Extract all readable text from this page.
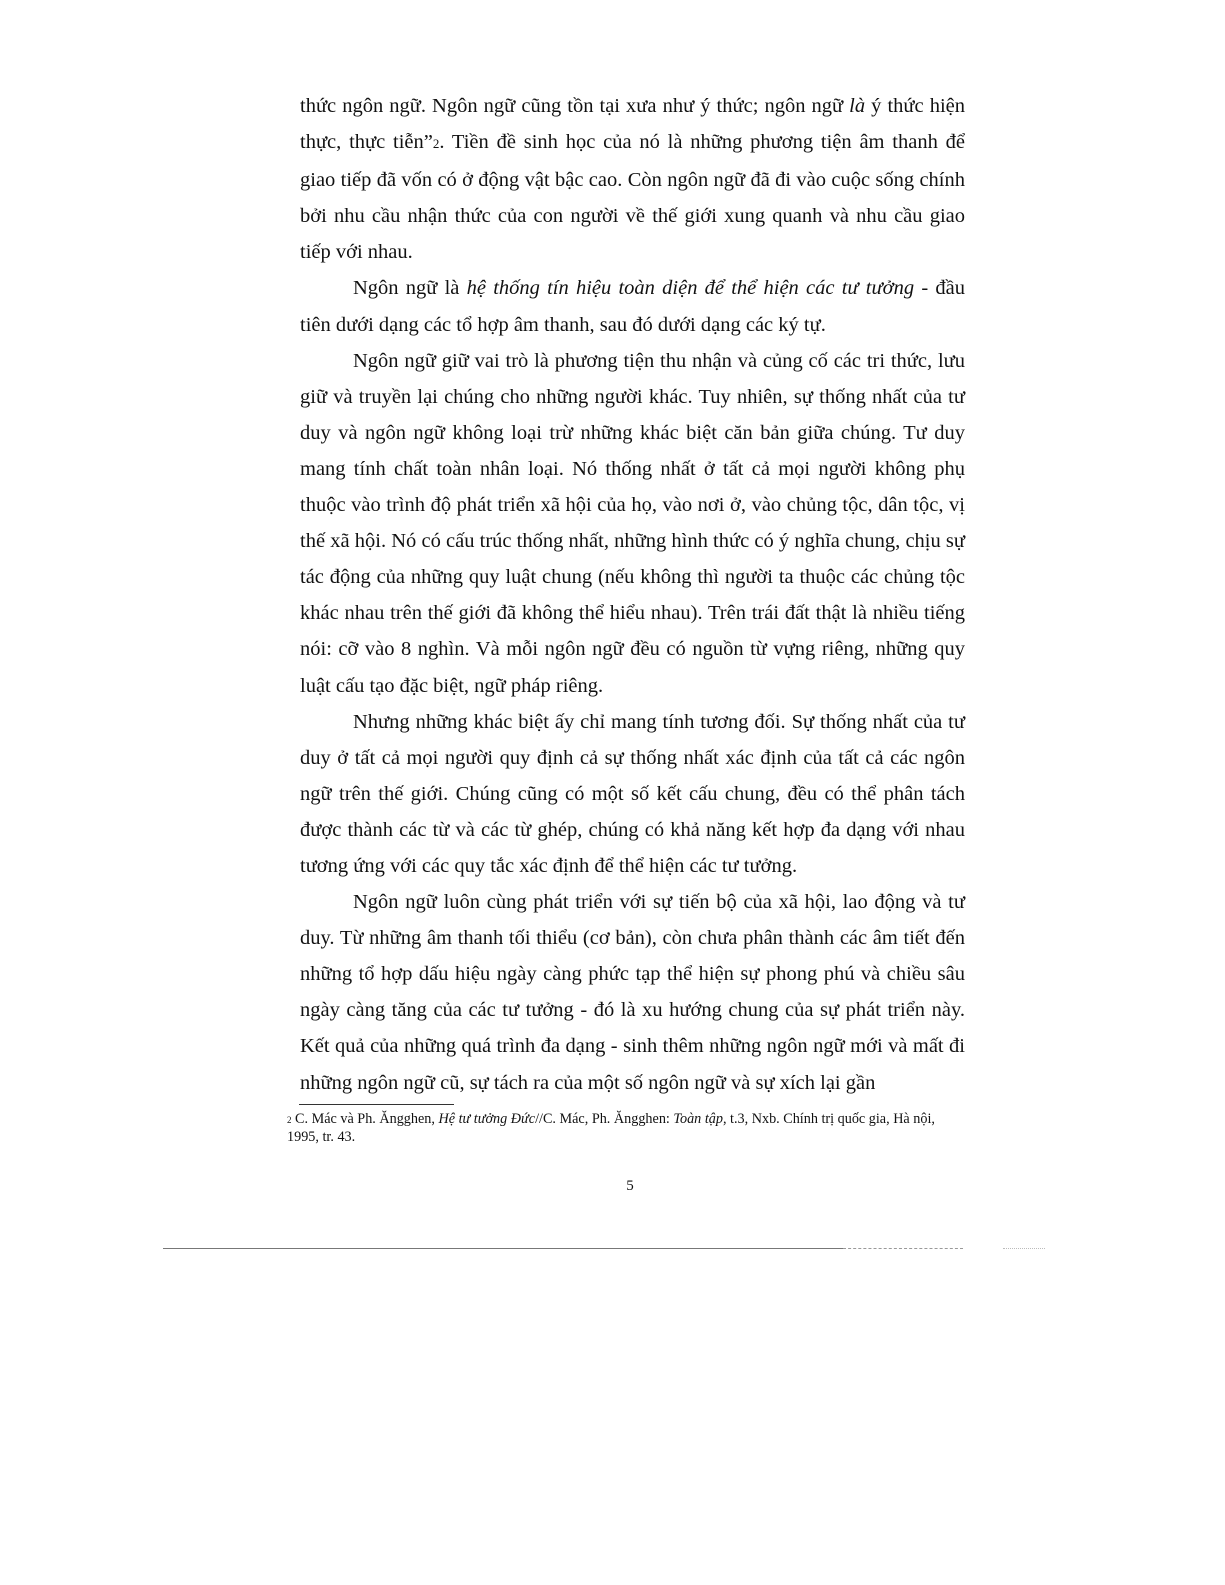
thức ngôn ngữ. Ngôn ngữ cũng tồn tại xưa như ý thức; ngôn ngữ là ý thức hiện thực, thực tiễn”2. Tiền đề sinh học của nó là những phương tiện âm thanh để giao tiếp đã vốn có ở động vật bậc cao. Còn ngôn ngữ đã đi vào cuộc sống chính bởi nhu cầu nhận thức của con người về thế giới xung quanh và nhu cầu giao tiếp với nhau.

Ngôn ngữ là hệ thống tín hiệu toàn diện để thể hiện các tư tưởng - đầu tiên dưới dạng các tổ hợp âm thanh, sau đó dưới dạng các ký tự.

Ngôn ngữ giữ vai trò là phương tiện thu nhận và củng cố các tri thức, lưu giữ và truyền lại chúng cho những người khác. Tuy nhiên, sự thống nhất của tư duy và ngôn ngữ không loại trừ những khác biệt căn bản giữa chúng. Tư duy mang tính chất toàn nhân loại. Nó thống nhất ở tất cả mọi người không phụ thuộc vào trình độ phát triển xã hội của họ, vào nơi ở, vào chủng tộc, dân tộc, vị thế xã hội. Nó có cấu trúc thống nhất, những hình thức có ý nghĩa chung, chịu sự tác động của những quy luật chung (nếu không thì người ta thuộc các chủng tộc khác nhau trên thế giới đã không thể hiểu nhau). Trên trái đất thật là nhiều tiếng nói: cỡ vào 8 nghìn. Và mỗi ngôn ngữ đều có nguồn từ vựng riêng, những quy luật cấu tạo đặc biệt, ngữ pháp riêng.

Nhưng những khác biệt ấy chỉ mang tính tương đối. Sự thống nhất của tư duy ở tất cả mọi người quy định cả sự thống nhất xác định của tất cả các ngôn ngữ trên thế giới. Chúng cũng có một số kết cấu chung, đều có thể phân tách được thành các từ và các từ ghép, chúng có khả năng kết hợp đa dạng với nhau tương ứng với các quy tắc xác định để thể hiện các tư tưởng.

Ngôn ngữ luôn cùng phát triển với sự tiến bộ của xã hội, lao động và tư duy. Từ những âm thanh tối thiểu (cơ bản), còn chưa phân thành các âm tiết đến những tổ hợp dấu hiệu ngày càng phức tạp thể hiện sự phong phú và chiều sâu ngày càng tăng của các tư tưởng - đó là xu hướng chung của sự phát triển này. Kết quả của những quá trình đa dạng - sinh thêm những ngôn ngữ mới và mất đi những ngôn ngữ cũ, sự tách ra của một số ngôn ngữ và sự xích lại gần

2 C. Mác và Ph. Ăngghen, Hệ tư tưởng Đức//C. Mác, Ph. Ăngghen: Toàn tập, t.3, Nxb. Chính trị quốc gia, Hà nội, 1995, tr. 43.
5
